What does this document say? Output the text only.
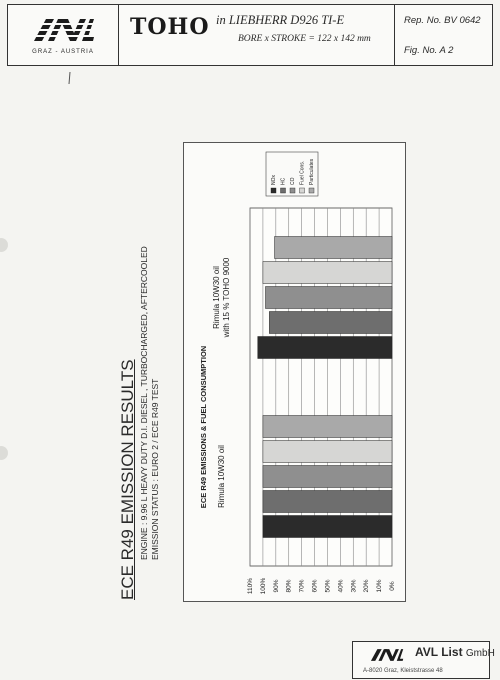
GRAZ - AUSTRIA
TOHO in LIEBHERR D926 TI-E
BORE x STROKE = 122 x 142 mm
Rep. No. BV 0642
Fig. No. A 2
ECE R49 EMISSION RESULTS ENGINE : 9.96 L HEAVY DUTY D.I. DIESEL , TURBOCHARGED, AFTERCOOLED EMISSION STATUS : EURO 2 / ECE R49 TEST
110% 100% 90% 80% 70% 60% 50% 40% 30% 20% 10% 0%
Rimula 10W30 oil
Rimula 10W30 oil with 15 % TOHO 9000
ECE R49 EMISSIONS & FUEL CONSUMPTION
NOx HC CO Fuel Cons. Particulates
AVL List GmbH
A-8020 Graz, Kleiststrasse 48
